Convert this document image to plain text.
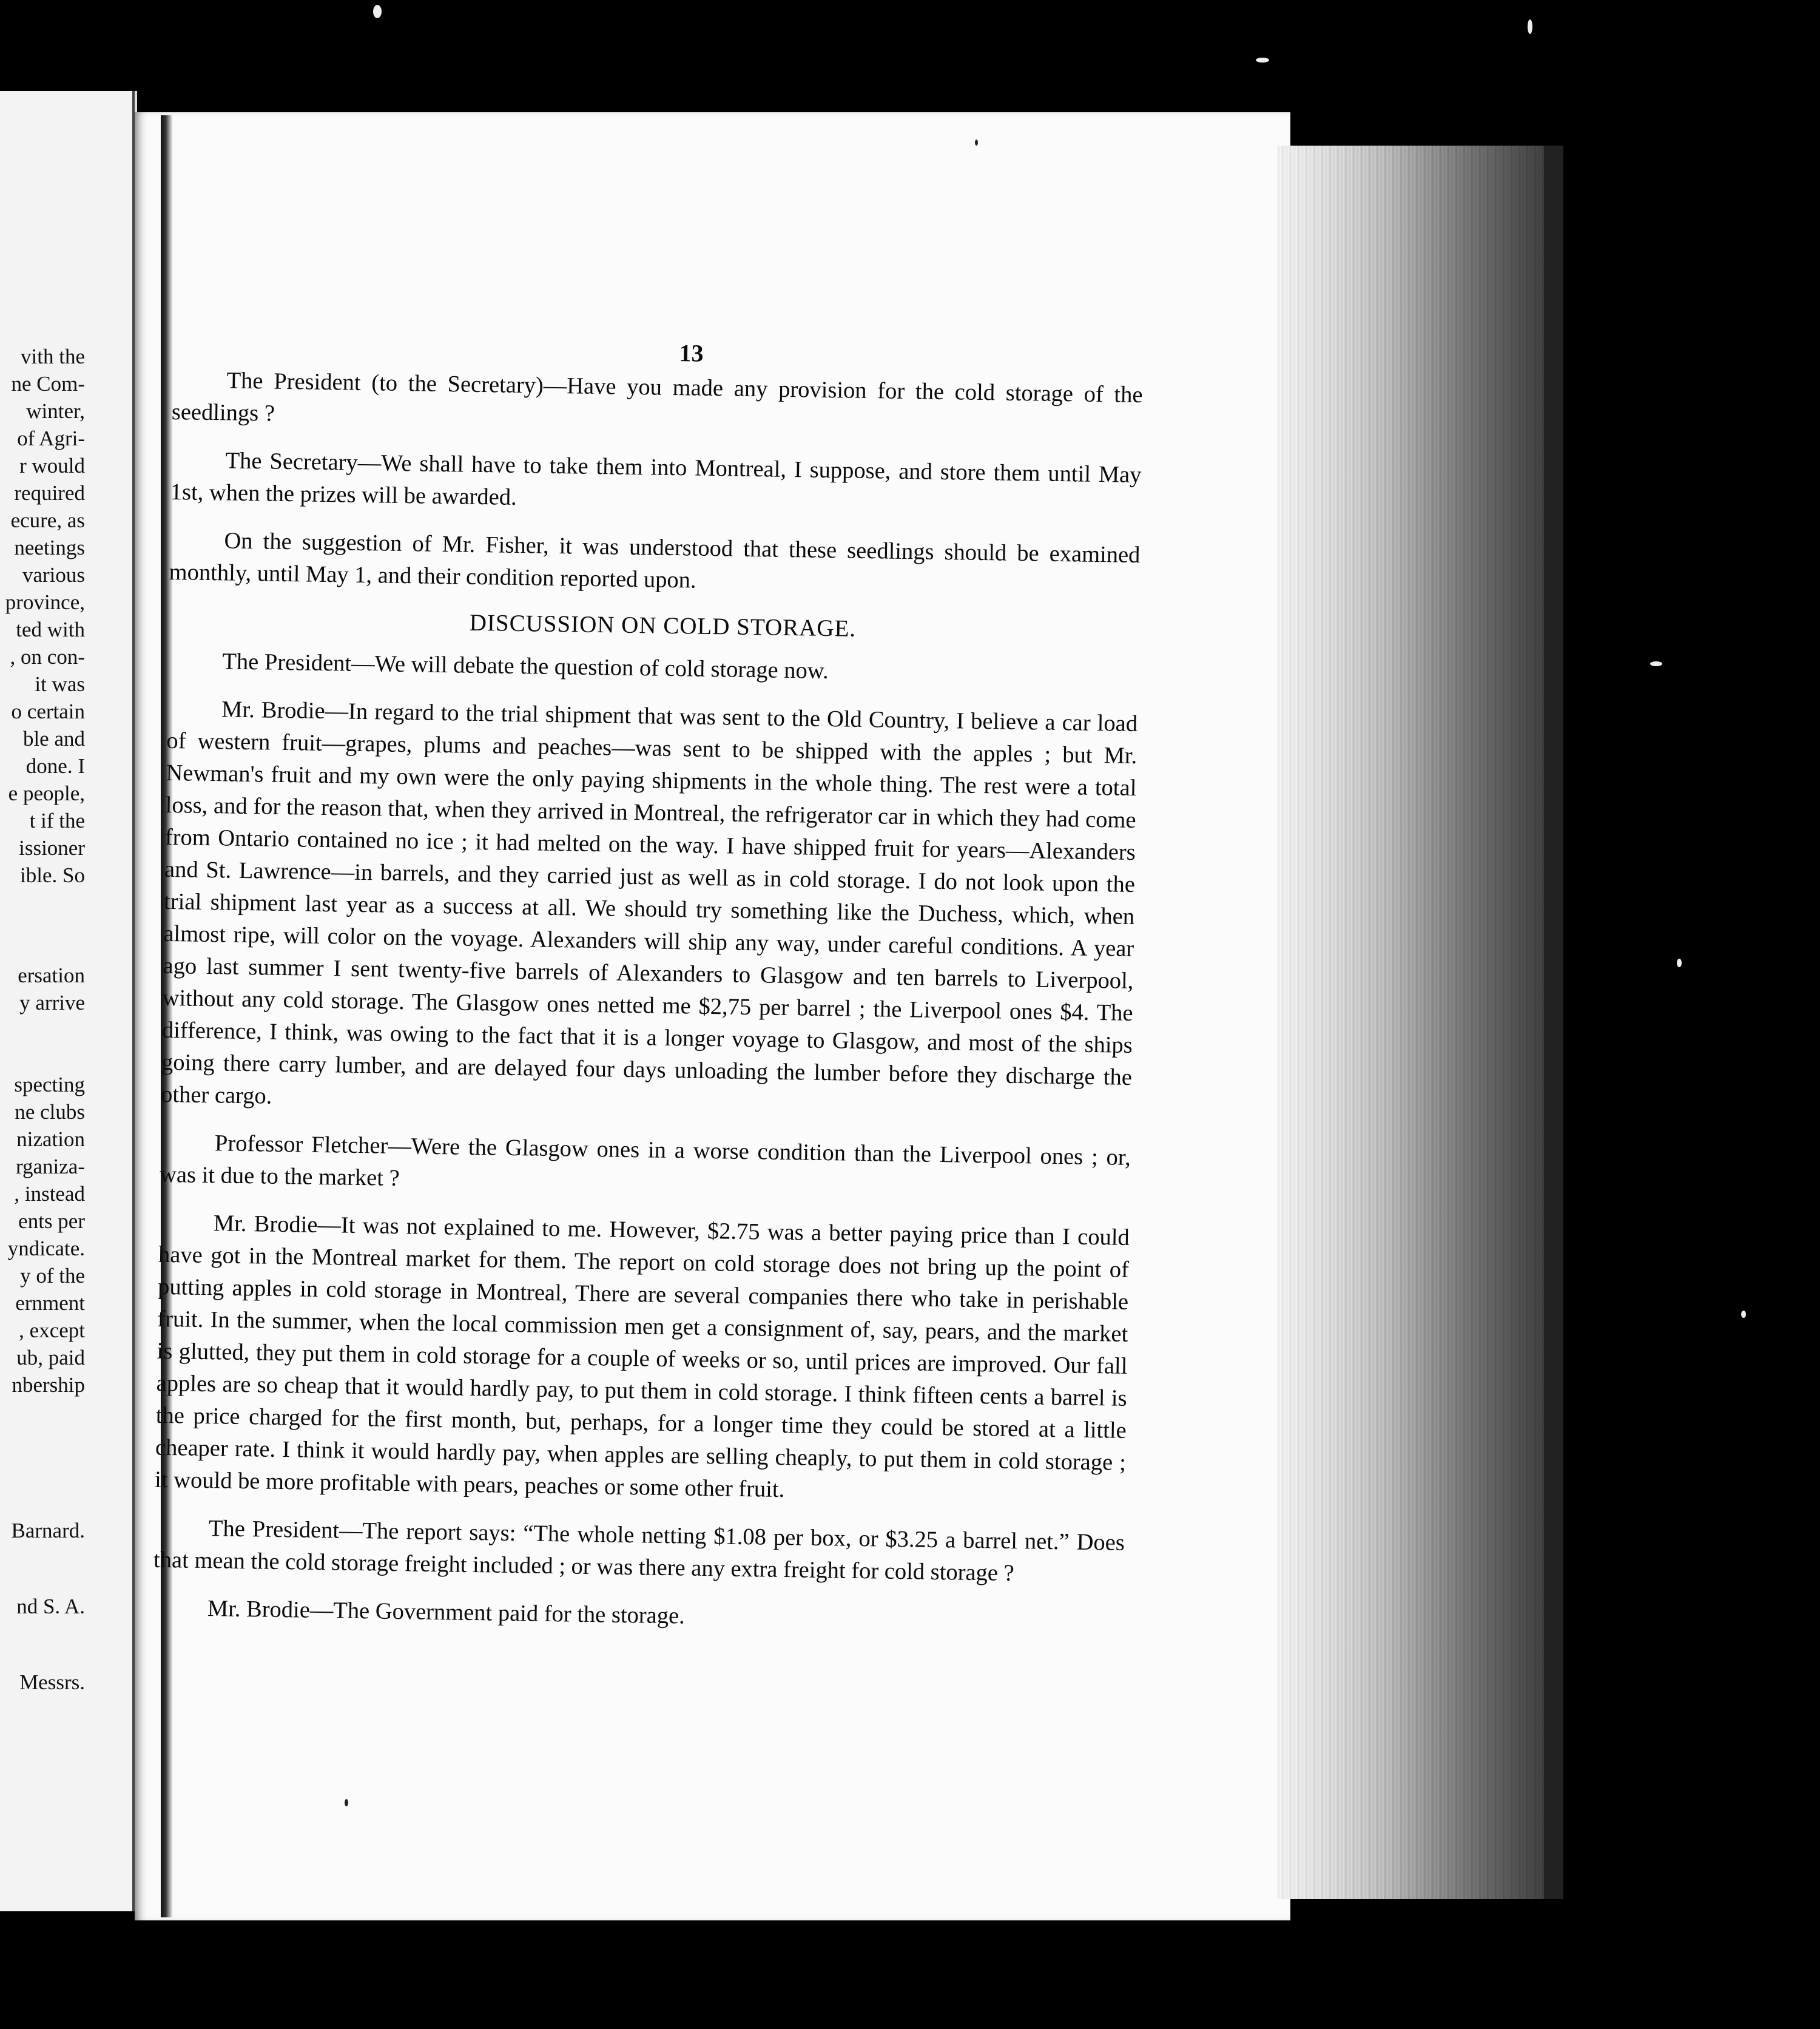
vith the
ne Com-
winter,
of Agri-
r would
required
ecure, as
neetings
various
province,
ted with
, on con-
it was
o certain
ble and
done. I
e people,
t if the
issioner
ible. So
ersation
y arrive
specting
ne clubs
nization
rganiza-
, instead
ents per
yndicate.
y of the
ernment
, except
ub, paid
nbership
Barnard.
nd S. A.
Messrs.
13

The President (to the Secretary)—Have you made any provision for the cold storage of the seedlings ?

The Secretary—We shall have to take them into Montreal, I suppose, and store them until May 1st, when the prizes will be awarded.

On the suggestion of Mr. Fisher, it was understood that these seedlings should be examined monthly, until May 1, and their condition reported upon.

DISCUSSION ON COLD STORAGE.

The President—We will debate the question of cold storage now.

Mr. Brodie—In regard to the trial shipment that was sent to the Old Country, I believe a car load of western fruit—grapes, plums and peaches—was sent to be shipped with the apples ; but Mr. Newman's fruit and my own were the only paying shipments in the whole thing. The rest were a total loss, and for the reason that, when they arrived in Montreal, the refrigerator car in which they had come from Ontario contained no ice ; it had melted on the way. I have shipped fruit for years—Alexanders and St. Lawrence—in barrels, and they carried just as well as in cold storage. I do not look upon the trial shipment last year as a success at all. We should try something like the Duchess, which, when almost ripe, will color on the voyage. Alexanders will ship any way, under careful conditions. A year ago last summer I sent twenty-five barrels of Alexanders to Glasgow and ten barrels to Liverpool, without any cold storage. The Glasgow ones netted me $2,75 per barrel ; the Liverpool ones $4. The difference, I think, was owing to the fact that it is a longer voyage to Glasgow, and most of the ships going there carry lumber, and are delayed four days unloading the lumber before they discharge the other cargo.

Professor Fletcher—Were the Glasgow ones in a worse condition than the Liverpool ones ; or, was it due to the market ?

Mr. Brodie—It was not explained to me. However, $2.75 was a better paying price than I could have got in the Montreal market for them. The report on cold storage does not bring up the point of putting apples in cold storage in Montreal, There are several companies there who take in perishable fruit. In the summer, when the local commission men get a consignment of, say, pears, and the market is glutted, they put them in cold storage for a couple of weeks or so, until prices are improved. Our fall apples are so cheap that it would hardly pay, to put them in cold storage. I think fifteen cents a barrel is the price charged for the first month, but, perhaps, for a longer time they could be stored at a little cheaper rate. I think it would hardly pay, when apples are selling cheaply, to put them in cold storage ; it would be more profitable with pears, peaches or some other fruit.

The President—The report says: “The whole netting $1.08 per box, or $3.25 a barrel net.” Does that mean the cold storage freight included ; or was there any extra freight for cold storage ?

Mr. Brodie—The Government paid for the storage.
